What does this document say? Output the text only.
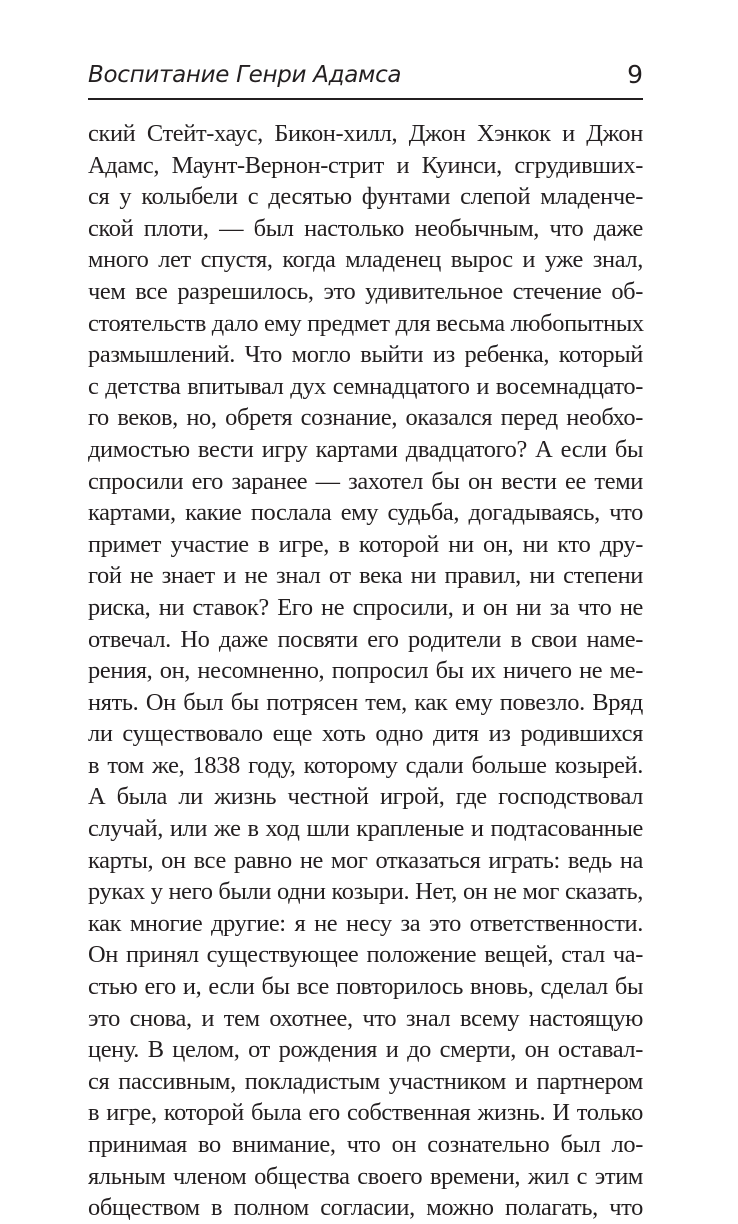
Воспитание Генри Адамса	9
ский Стейт-хаус, Бикон-хилл, Джон Хэнкок и Джон
Адамс, Маунт-Вернон-стрит и Куинси, сгрудивших-
ся у колыбели с десятью фунтами слепой младенче-
ской плоти, — был настолько необычным, что даже
много лет спустя, когда младенец вырос и уже знал,
чем все разрешилось, это удивительное стечение об-
стоятельств дало ему предмет для весьма любопытных
размышлений. Что могло выйти из ребенка, который
с детства впитывал дух семнадцатого и восемнадцато-
го веков, но, обретя сознание, оказался перед необхо-
димостью вести игру картами двадцатого? А если бы
спросили его заранее — захотел бы он вести ее теми
картами, какие послала ему судьба, догадываясь, что
примет участие в игре, в которой ни он, ни кто дру-
гой не знает и не знал от века ни правил, ни степени
риска, ни ставок? Его не спросили, и он ни за что не
отвечал. Но даже посвяти его родители в свои наме-
рения, он, несомненно, попросил бы их ничего не ме-
нять. Он был бы потрясен тем, как ему повезло. Вряд
ли существовало еще хоть одно дитя из родившихся
в том же, 1838 году, которому сдали больше козырей.
А была ли жизнь честной игрой, где господствовал
случай, или же в ход шли крапленые и подтасованные
карты, он все равно не мог отказаться играть: ведь на
руках у него были одни козыри. Нет, он не мог сказать,
как многие другие: я не несу за это ответственности.
Он принял существующее положение вещей, стал ча-
стью его и, если бы все повторилось вновь, сделал бы
это снова, и тем охотнее, что знал всему настоящую
цену. В целом, от рождения и до смерти, он оставал-
ся пассивным, покладистым участником и партнером
в игре, которой была его собственная жизнь. И только
принимая во внимание, что он сознательно был ло-
яльным членом общества своего времени, жил с этим
обществом в полном согласии, можно полагать, что
